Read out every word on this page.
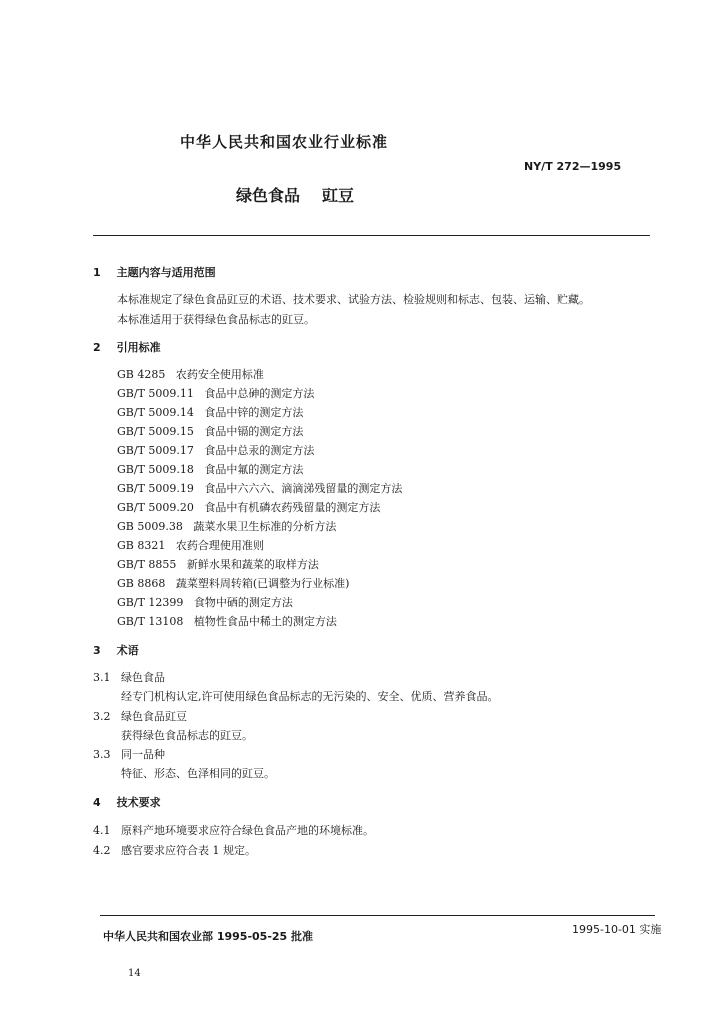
中华人民共和国农业行业标准
NY/T 272—1995
绿色食品 豇豆
1 主题内容与适用范围
本标准规定了绿色食品豇豆的术语、技术要求、试验方法、检验规则和标志、包装、运输、贮藏。
本标准适用于获得绿色食品标志的豇豆。
2 引用标准
GB 4285 农药安全使用标准
GB/T 5009.11 食品中总砷的测定方法
GB/T 5009.14 食品中锌的测定方法
GB/T 5009.15 食品中镉的测定方法
GB/T 5009.17 食品中总汞的测定方法
GB/T 5009.18 食品中氟的测定方法
GB/T 5009.19 食品中六六六、滴滴涕残留量的测定方法
GB/T 5009.20 食品中有机磷农药残留量的测定方法
GB 5009.38 蔬菜水果卫生标准的分析方法
GB 8321 农药合理使用准则
GB/T 8855 新鲜水果和蔬菜的取样方法
GB 8868 蔬菜塑料周转箱(已调整为行业标准)
GB/T 12399 食物中硒的测定方法
GB/T 13108 植物性食品中稀土的测定方法
3 术语
3.1 绿色食品
经专门机构认定,许可使用绿色食品标志的无污染的、安全、优质、营养食品。
3.2 绿色食品豇豆
获得绿色食品标志的豇豆。
3.3 同一品种
特征、形态、色泽相同的豇豆。
4 技术要求
4.1 原料产地环境要求应符合绿色食品产地的环境标准。
4.2 感官要求应符合表 1 规定。
中华人民共和国农业部 1995-05-25 批准
1995-10-01 实施
14
